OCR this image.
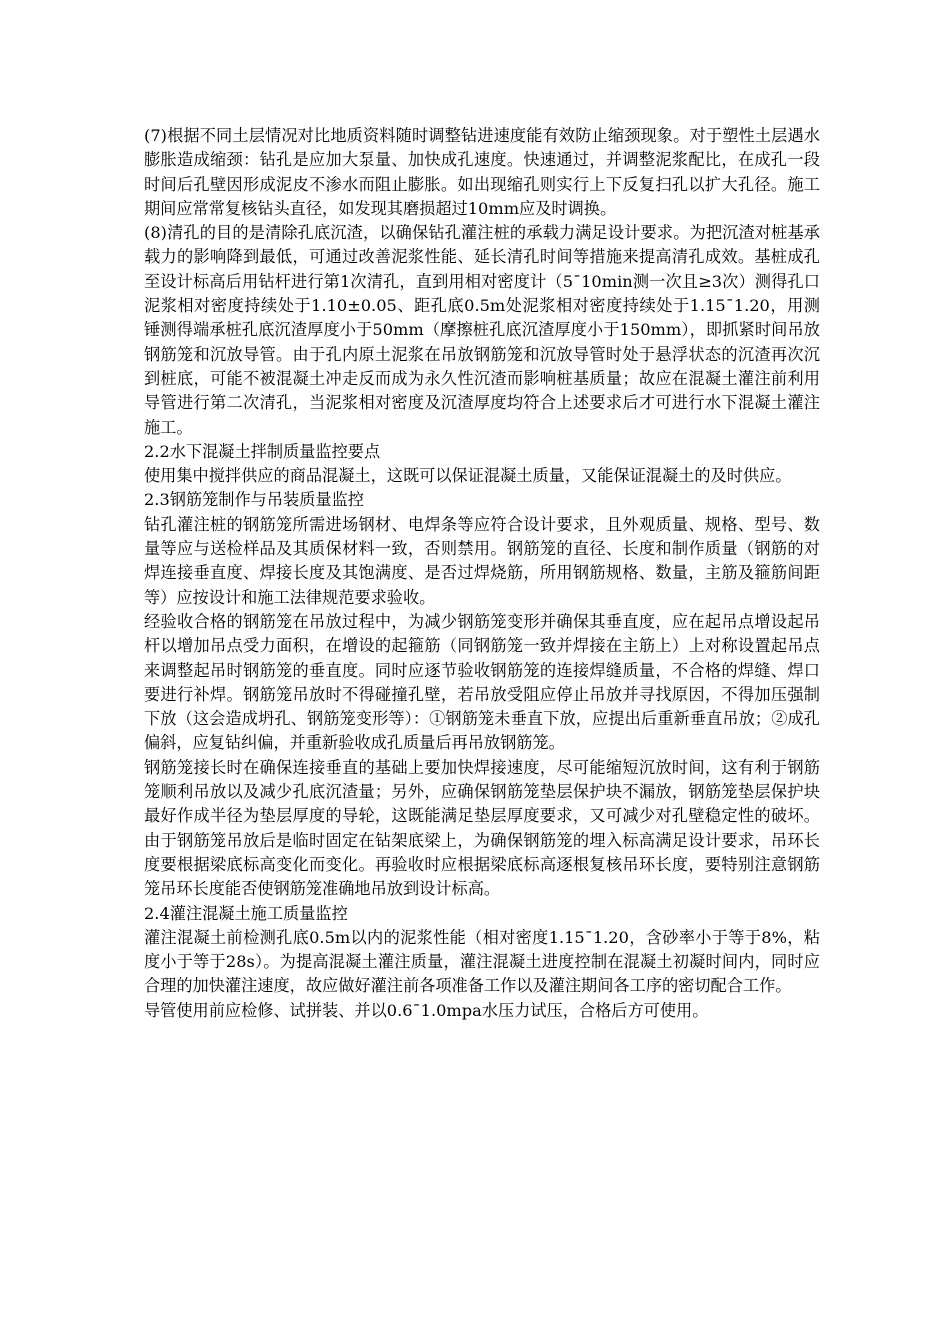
(7)根据不同土层情况对比地质资料随时调整钻进速度能有效防止缩颈现象。对于塑性土层遇水膨胀造成缩颈：钻孔是应加大泵量、加快成孔速度。快速通过，并调整泥浆配比，在成孔一段时间后孔壁因形成泥皮不渗水而阻止膨胀。如出现缩孔则实行上下反复扫孔以扩大孔径。施工期间应常常复核钻头直径，如发现其磨损超过10mm应及时调换。

(8)清孔的目的是清除孔底沉渣，以确保钻孔灌注桩的承载力满足设计要求。为把沉渣对桩基承载力的影响降到最低，可通过改善泥浆性能、延长清孔时间等措施来提高清孔成效。基桩成孔至设计标高后用钻杆进行第1次清孔，直到用相对密度计（5¯10min测一次且≥3次）测得孔口泥浆相对密度持续处于1.10±0.05、距孔底0.5m处泥浆相对密度持续处于1.15¯1.20，用测锤测得端承桩孔底沉渣厚度小于50mm（摩擦桩孔底沉渣厚度小于150mm），即抓紧时间吊放钢筋笼和沉放导管。由于孔内原土泥浆在吊放钢筋笼和沉放导管时处于悬浮状态的沉渣再次沉到桩底，可能不被混凝土冲走反而成为永久性沉渣而影响桩基质量；故应在混凝土灌注前利用导管进行第二次清孔，当泥浆相对密度及沉渣厚度均符合上述要求后才可进行水下混凝土灌注施工。

2.2水下混凝土拌制质量监控要点

使用集中搅拌供应的商品混凝土，这既可以保证混凝土质量，又能保证混凝土的及时供应。

2.3钢筋笼制作与吊装质量监控

钻孔灌注桩的钢筋笼所需进场钢材、电焊条等应符合设计要求，且外观质量、规格、型号、数量等应与送检样品及其质保材料一致，否则禁用。钢筋笼的直径、长度和制作质量（钢筋的对焊连接垂直度、焊接长度及其饱满度、是否过焊烧筋，所用钢筋规格、数量，主筋及箍筋间距等）应按设计和施工法律规范要求验收。

经验收合格的钢筋笼在吊放过程中，为减少钢筋笼变形并确保其垂直度，应在起吊点增设起吊杆以增加吊点受力面积，在增设的起箍筋（同钢筋笼一致并焊接在主筋上）上对称设置起吊点来调整起吊时钢筋笼的垂直度。同时应逐节验收钢筋笼的连接焊缝质量，不合格的焊缝、焊口要进行补焊。钢筋笼吊放时不得碰撞孔壁，若吊放受阻应停止吊放并寻找原因，不得加压强制下放（这会造成坍孔、钢筋笼变形等）：①钢筋笼未垂直下放，应提出后重新垂直吊放；②成孔偏斜，应复钻纠偏，并重新验收成孔质量后再吊放钢筋笼。

钢筋笼接长时在确保连接垂直的基础上要加快焊接速度，尽可能缩短沉放时间，这有利于钢筋笼顺利吊放以及减少孔底沉渣量；另外，应确保钢筋笼垫层保护块不漏放，钢筋笼垫层保护块最好作成半径为垫层厚度的导轮，这既能满足垫层厚度要求，又可减少对孔壁稳定性的破坏。由于钢筋笼吊放后是临时固定在钻架底梁上，为确保钢筋笼的埋入标高满足设计要求，吊环长度要根据梁底标高变化而变化。再验收时应根据梁底标高逐根复核吊环长度，要特别注意钢筋笼吊环长度能否使钢筋笼准确地吊放到设计标高。

2.4灌注混凝土施工质量监控

灌注混凝土前检测孔底0.5m以内的泥浆性能（相对密度1.15¯1.20，含砂率小于等于8%，粘度小于等于28s）。为提高混凝土灌注质量，灌注混凝土进度控制在混凝土初凝时间内，同时应合理的加快灌注速度，故应做好灌注前各项准备工作以及灌注期间各工序的密切配合工作。

导管使用前应检修、试拼装、并以0.6¯1.0mpa水压力试压，合格后方可使用。
